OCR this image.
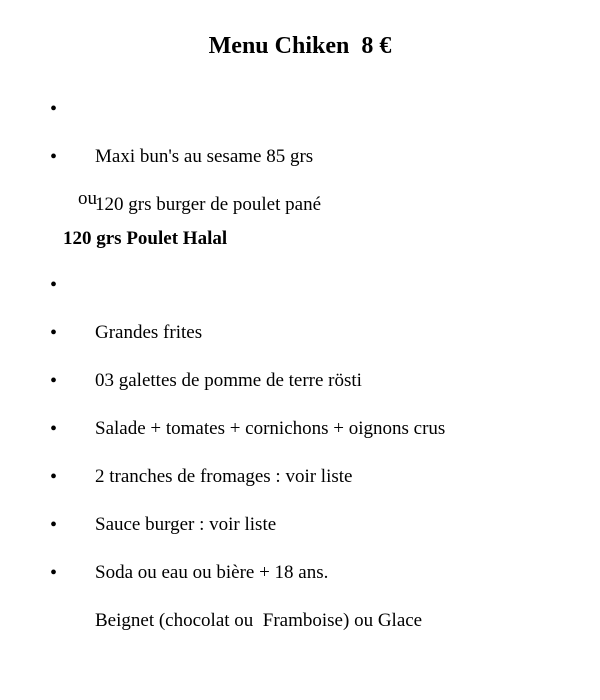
Menu Chiken  8 €

•

Maxi bun's au sesame 85 grs

•

120 grs burger de poulet pané

ou
120 grs Poulet Halal

•

Grandes frites

•

03 galettes de pomme de terre rösti

•

Salade + tomates + cornichons + oignons crus

•

2 tranches de fromages : voir liste

•

Sauce burger : voir liste

•

Soda ou eau ou bière + 18 ans.

•

Beignet (chocolat ou  Framboise) ou Glace
